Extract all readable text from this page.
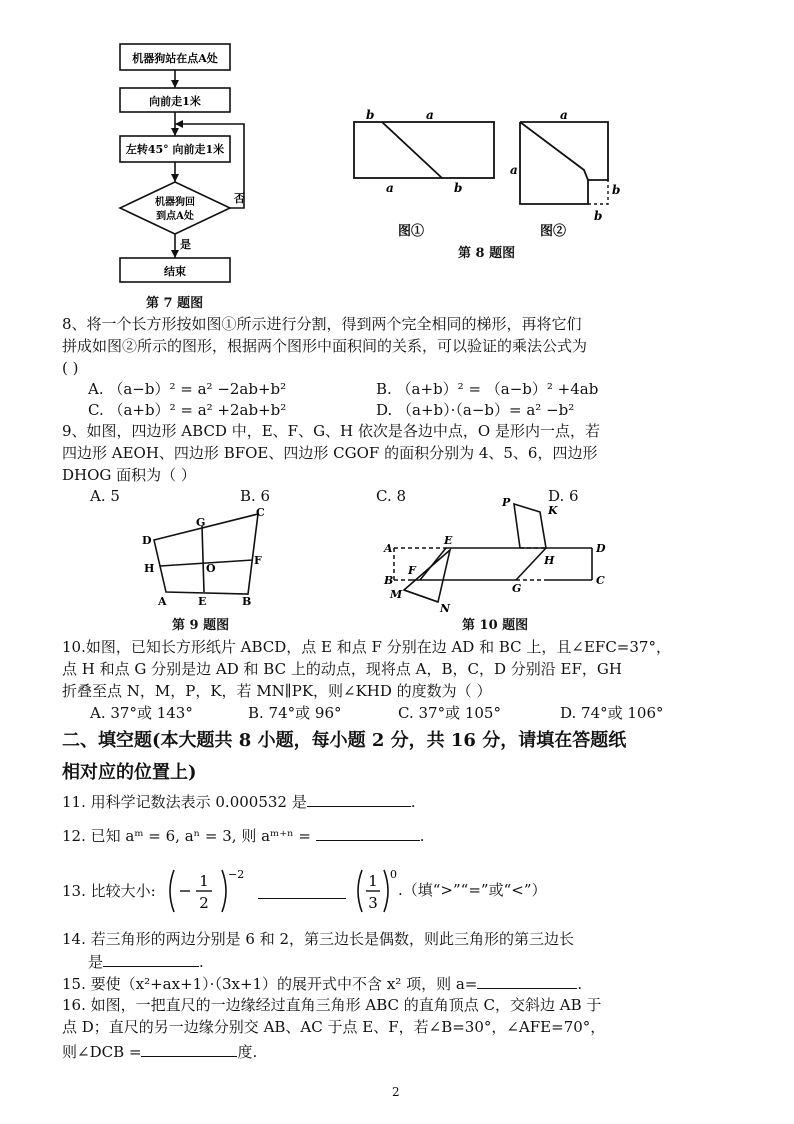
机器狗站在点A处
向前走1米
左转45° 向前走1米
机器狗回
到点A处
否
是
结束
第 7 题图
b	a
a	b
图①
a
a
b
b
图②
第 8 题图
8、将一个长方形按如图①所示进行分割，得到两个完全相同的梯形，再将它们
拼成如图②所示的图形，根据两个图形中面积间的关系，可以验证的乘法公式为
( )
A. （a−b）² = a² −2ab+b²	B. （a+b）² = （a−b）² +4ab
C. （a+b）² = a² +2ab+b²	D. （a+b）·（a−b）= a² −b²
9、如图，四边形 ABCD 中，E、F、G、H 依次是各边中点，O 是形内一点，若
四边形 AEOH、四边形 BFOE、四边形 CGOF 的面积分别为 4、5、6，四边形
DHOG 面积为（ ）
A. 5	B. 6	C. 8	D. 6
D
G
C
H	O
F
A	E	B
第 9 题图
P
K
A
E
D
F
H
B
G
C
M
N
第 10 题图
10.如图，已知长方形纸片 ABCD，点 E 和点 F 分别在边 AD 和 BC 上，且∠EFC=37°，
点 H 和点 G 分别是边 AD 和 BC 上的动点，现将点 A，B，C，D 分别沿 EF，GH
折叠至点 N，M，P，K，若 MN∥PK，则∠KHD 的度数为（ ）
A. 37°或 143°	B. 74°或 96°	C. 37°或 105°	D. 74°或 106°
二、填空题(本大题共 8 小题，每小题 2 分，共 16 分，请填在答题纸
相对应的位置上)
11. 用科学记数法表示 0.000532 是	.
12. 已知 aᵐ = 6, aⁿ = 3, 则 aᵐ⁺ⁿ =	.
13. 比较大小:
1
2
−2	1
3
0
.（填“>”“=”或“<”）
14. 若三角形的两边分别是 6 和 2，第三边长是偶数，则此三角形的第三边长
是	.
15. 要使（x²+ax+1）·（3x+1）的展开式中不含 x² 项，则 a=	.
16. 如图，一把直尺的一边缘经过直角三角形 ABC 的直角顶点 C，交斜边 AB 于
点 D；直尺的另一边缘分别交 AB、AC 于点 E、F，若∠B=30°，∠AFE=70°，
则∠DCB =	度.
2
